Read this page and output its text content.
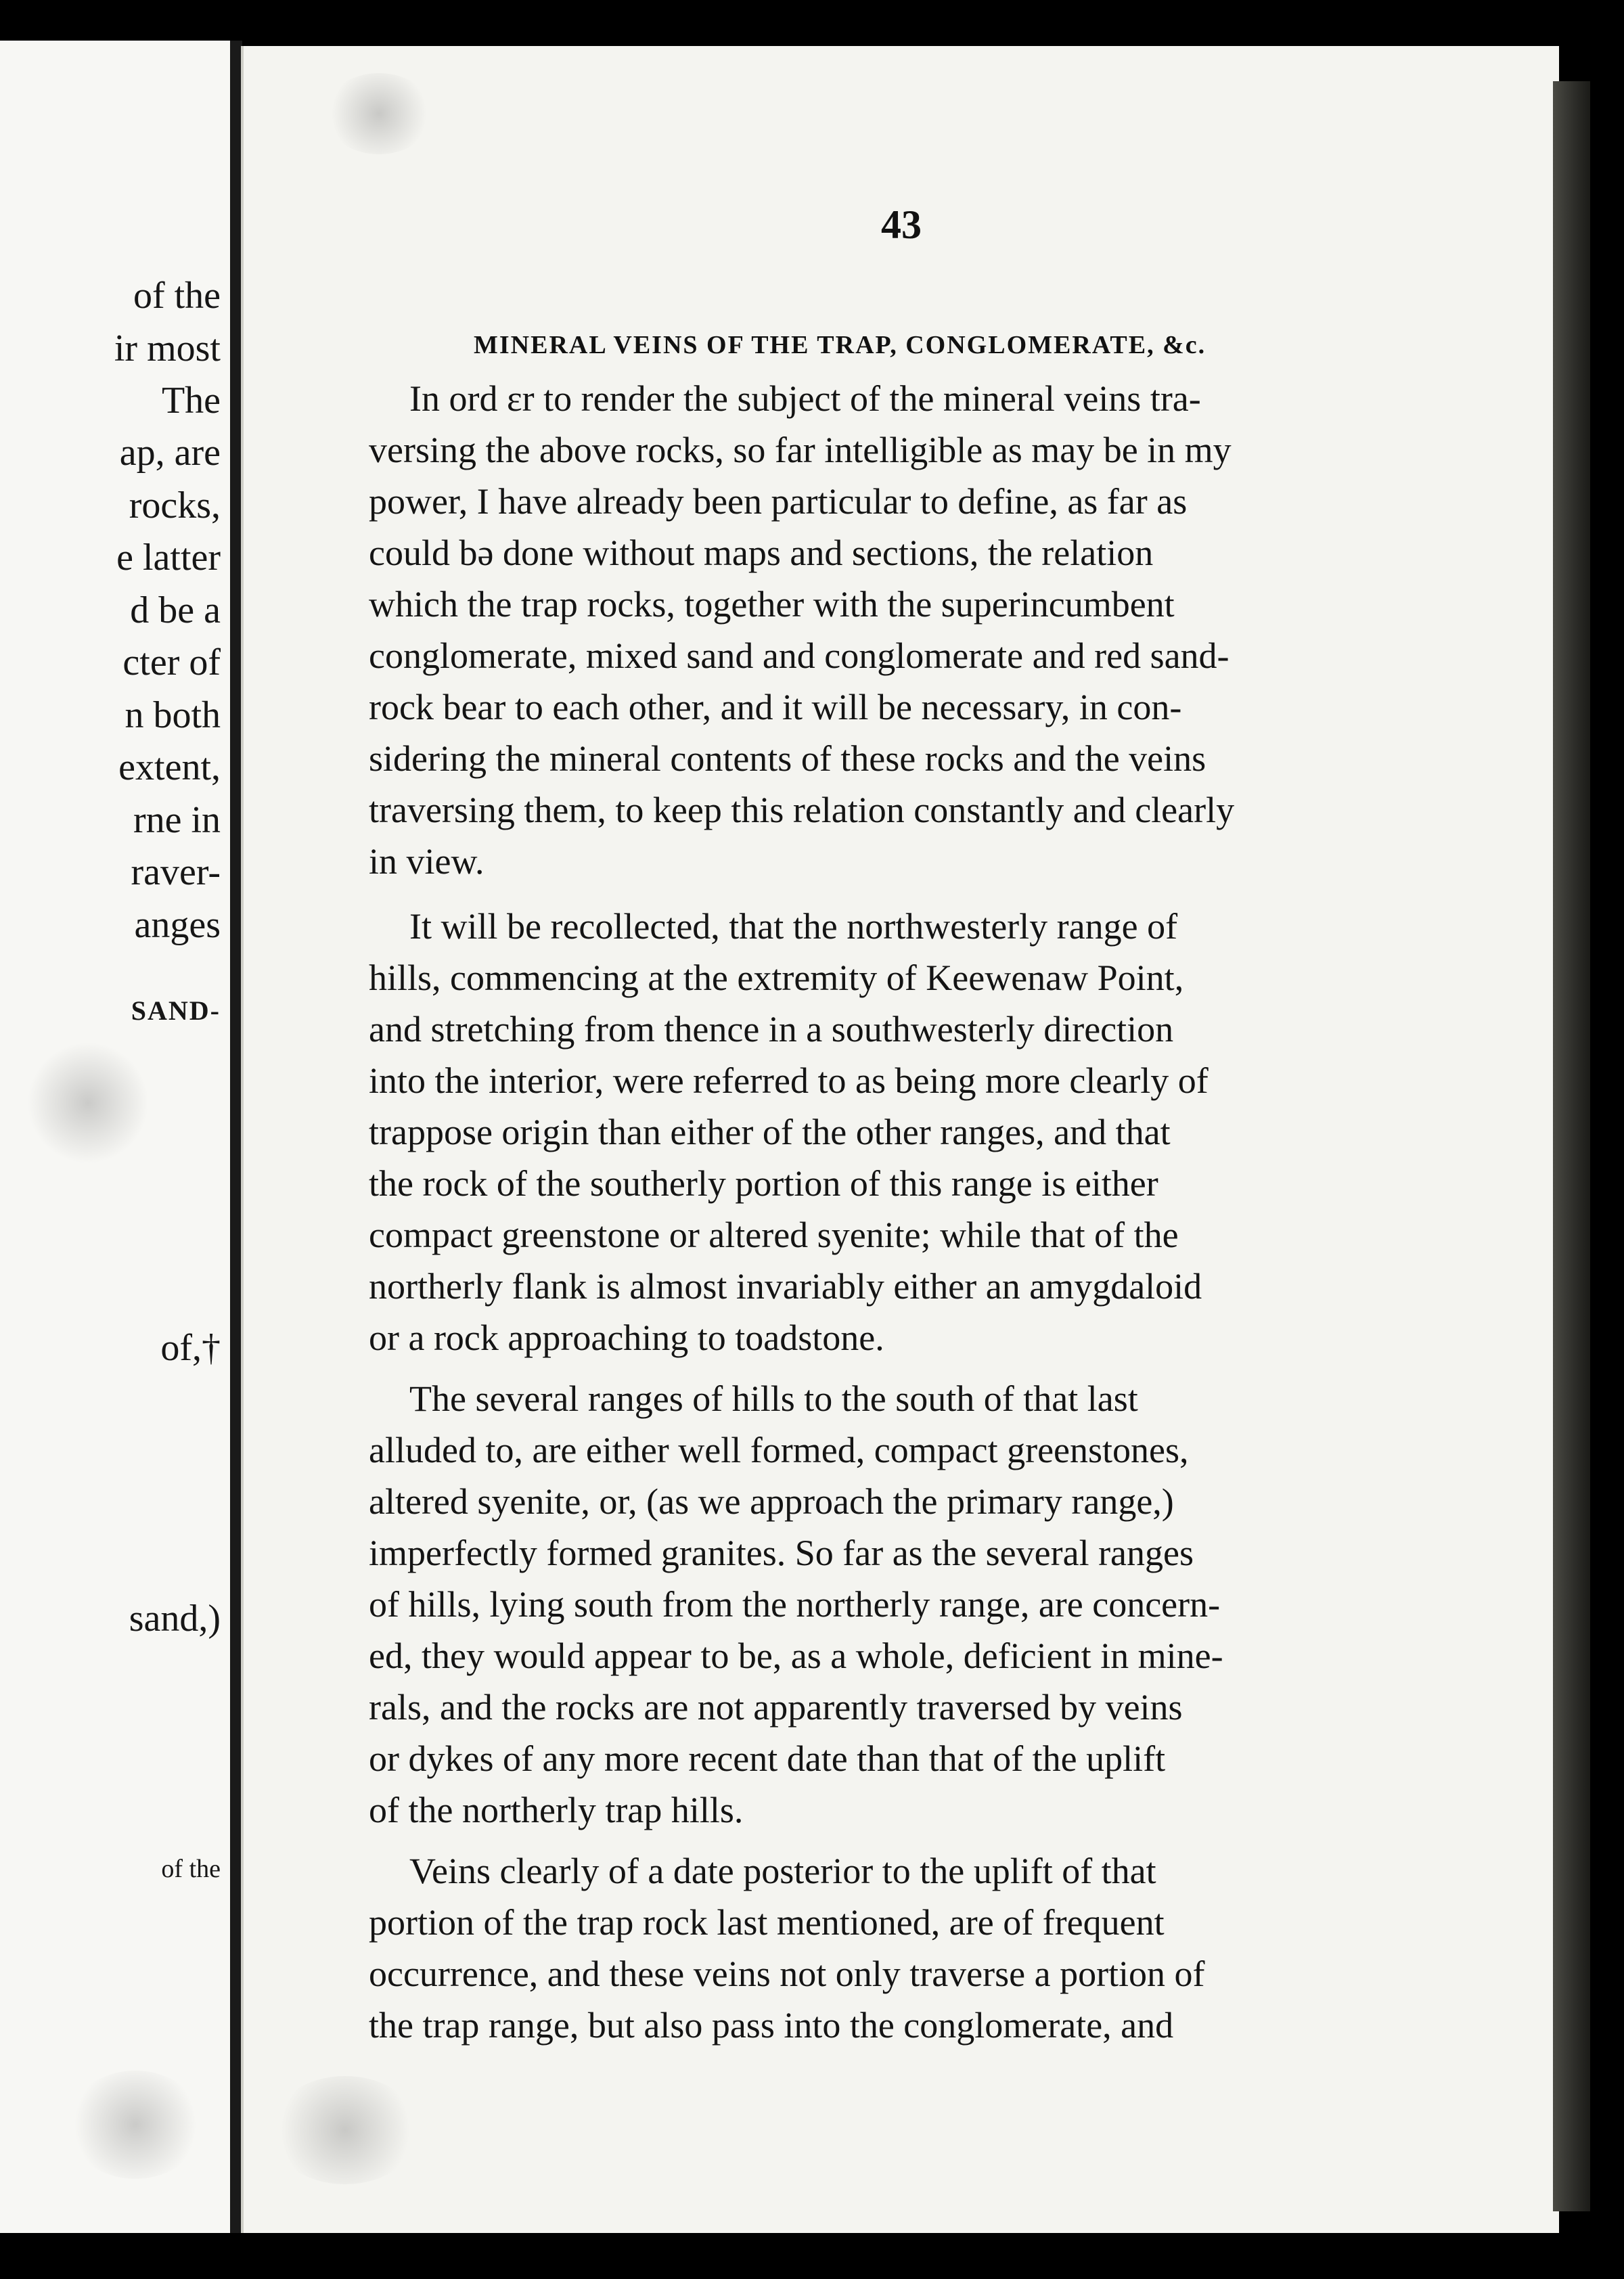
of the
ir most
The
ap, are
rocks,
e latter
d be a
cter of
n both
extent,
rne in
raver-
anges
SAND-
of,†
sand,)
of the
43
MINERAL VEINS OF THE TRAP, CONGLOMERATE, &c.
In ord ɛr to render the subject of the mineral veins tra-
versing the above rocks, so far intelligible as may be in my
power, I have already been particular to define, as far as
could bə done without maps and sections, the relation
which the trap rocks, together with the superincumbent
conglomerate, mixed sand and conglomerate and red sand-
rock bear to each other, and it will be necessary, in con-
sidering the mineral contents of these rocks and the veins
traversing them, to keep this relation constantly and clearly
in view.
It will be recollected, that the northwesterly range of
hills, commencing at the extremity of Keewenaw Point,
and stretching from thence in a southwesterly direction
into the interior, were referred to as being more clearly of
trappose origin than either of the other ranges, and that
the rock of the southerly portion of this range is either
compact greenstone or altered syenite; while that of the
northerly flank is almost invariably either an amygdaloid
or a rock approaching to toadstone.
The several ranges of hills to the south of that last
alluded to, are either well formed, compact greenstones,
altered syenite, or, (as we approach the primary range,)
imperfectly formed granites. So far as the several ranges
of hills, lying south from the northerly range, are concern-
ed, they would appear to be, as a whole, deficient in mine-
rals, and the rocks are not apparently traversed by veins
or dykes of any more recent date than that of the uplift
of the northerly trap hills.
Veins clearly of a date posterior to the uplift of that
portion of the trap rock last mentioned, are of frequent
occurrence, and these veins not only traverse a portion of
the trap range, but also pass into the conglomerate, and
